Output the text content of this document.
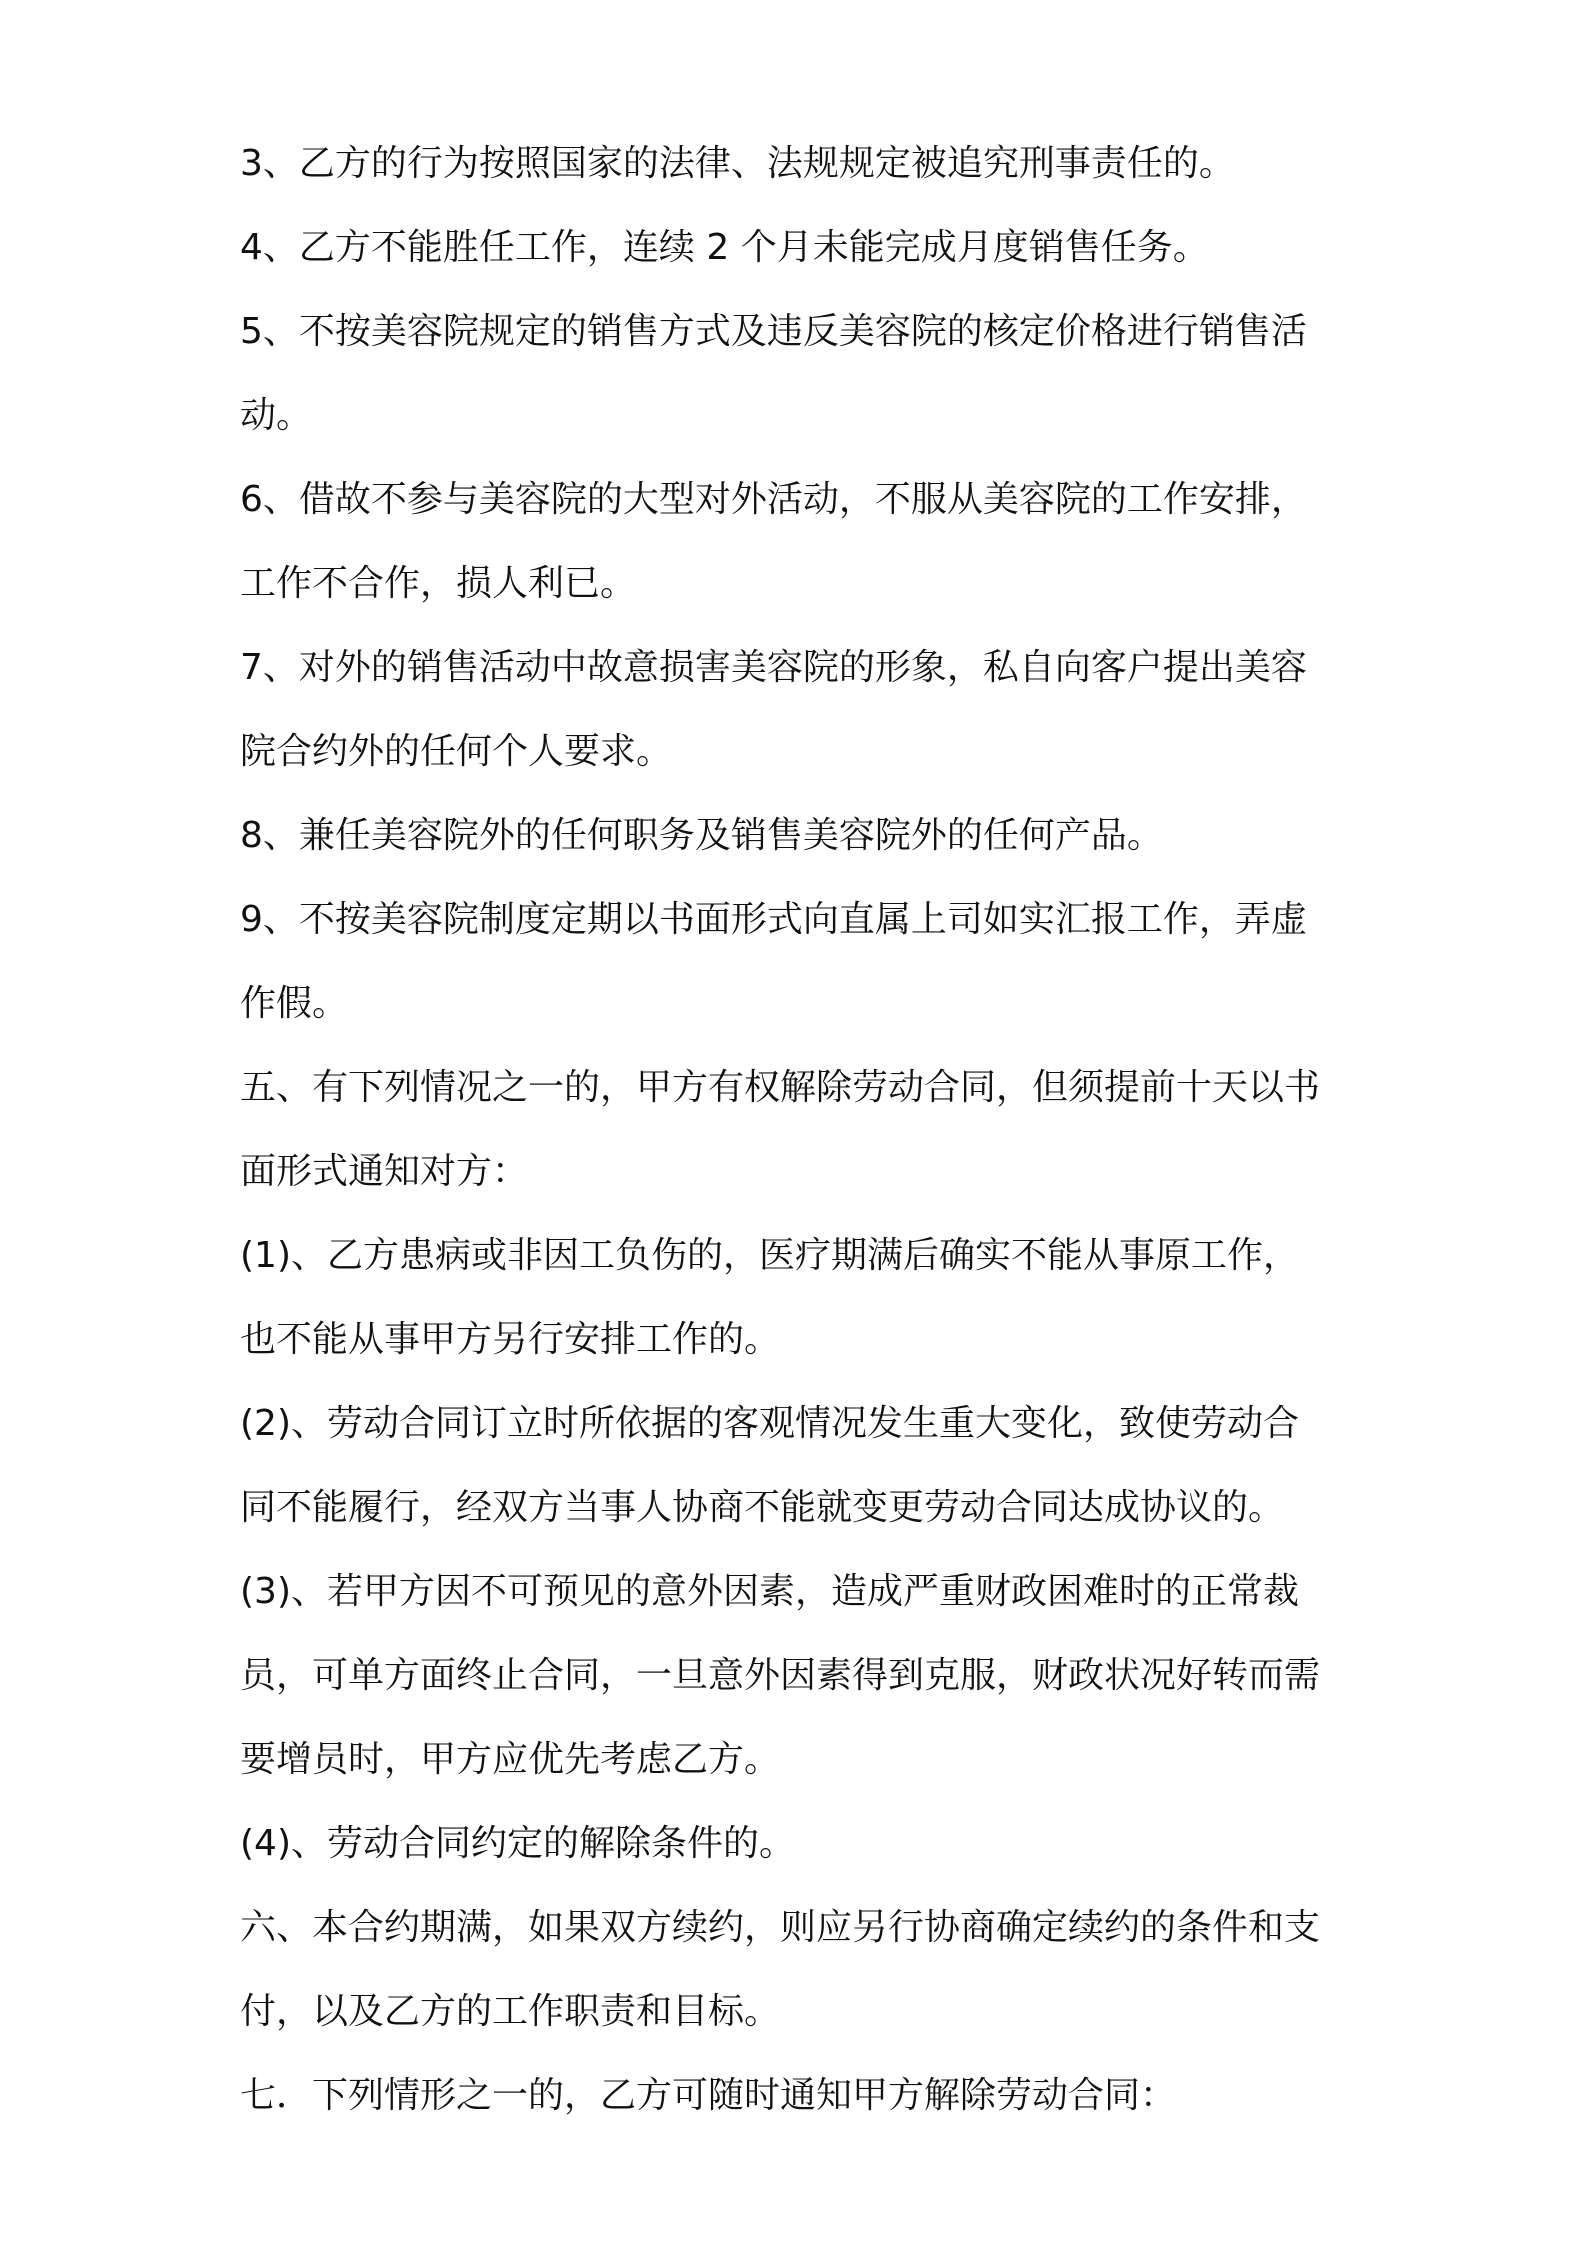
3、乙方的行为按照国家的法律、法规规定被追究刑事责任的。

4、乙方不能胜任工作，连续 2 个月未能完成月度销售任务。

5、不按美容院规定的销售方式及违反美容院的核定价格进行销售活

动。

6、借故不参与美容院的大型对外活动，不服从美容院的工作安排，

工作不合作，损人利已。

7、对外的销售活动中故意损害美容院的形象，私自向客户提出美容

院合约外的任何个人要求。

8、兼任美容院外的任何职务及销售美容院外的任何产品。

9、不按美容院制度定期以书面形式向直属上司如实汇报工作，弄虚

作假。

五、有下列情况之一的，甲方有权解除劳动合同，但须提前十天以书

面形式通知对方：

(1)、乙方患病或非因工负伤的，医疗期满后确实不能从事原工作，

也不能从事甲方另行安排工作的。

(2)、劳动合同订立时所依据的客观情况发生重大变化，致使劳动合

同不能履行，经双方当事人协商不能就变更劳动合同达成协议的。

(3)、若甲方因不可预见的意外因素，造成严重财政困难时的正常裁

员，可单方面终止合同，一旦意外因素得到克服，财政状况好转而需

要增员时，甲方应优先考虑乙方。

(4)、劳动合同约定的解除条件的。

六、本合约期满，如果双方续约，则应另行协商确定续约的条件和支

付，以及乙方的工作职责和目标。

七．下列情形之一的，乙方可随时通知甲方解除劳动合同：
